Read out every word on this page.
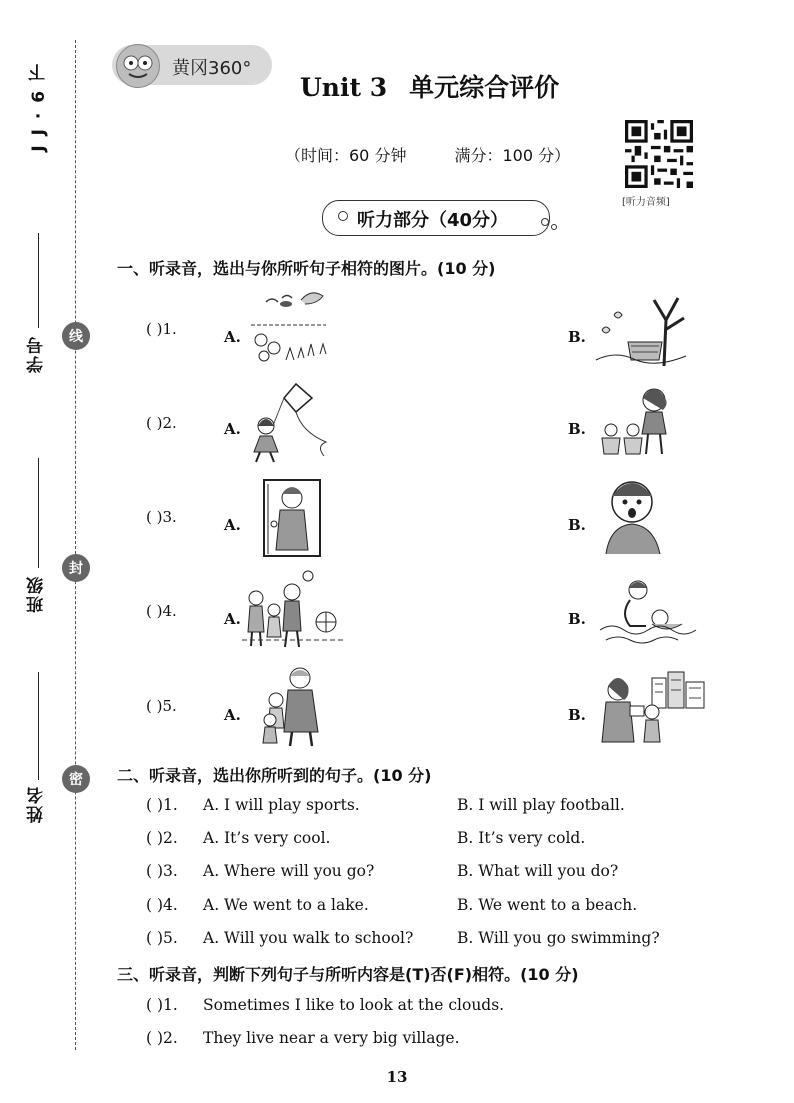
J J · 6 下
学号
班级
姓名
线
封
密
黄冈360°
Unit 3 单元综合评价
（时间：60 分钟	满分：100 分）
[听力音频]
听力部分（40分）
一、听录音，选出与你所听句子相符的图片。(10 分)
( )1.	A.	B.
( )2.	A.	B.
( )3.	A.	B.
( )4.	A.	B.
( )5.	A.	B.
二、听录音，选出你所听到的句子。(10 分)
( )1. A. I will play sports.	B. I will play football.
( )2. A. It’s very cool.	B. It’s very cold.
( )3. A. Where will you go?	B. What will you do?
( )4. A. We went to a lake.	B. We went to a beach.
( )5. A. Will you walk to school?	B. Will you go swimming?
三、听录音，判断下列句子与所听内容是(T)否(F)相符。(10 分)
( )1. Sometimes I like to look at the clouds.
( )2. They live near a very big village.
13
